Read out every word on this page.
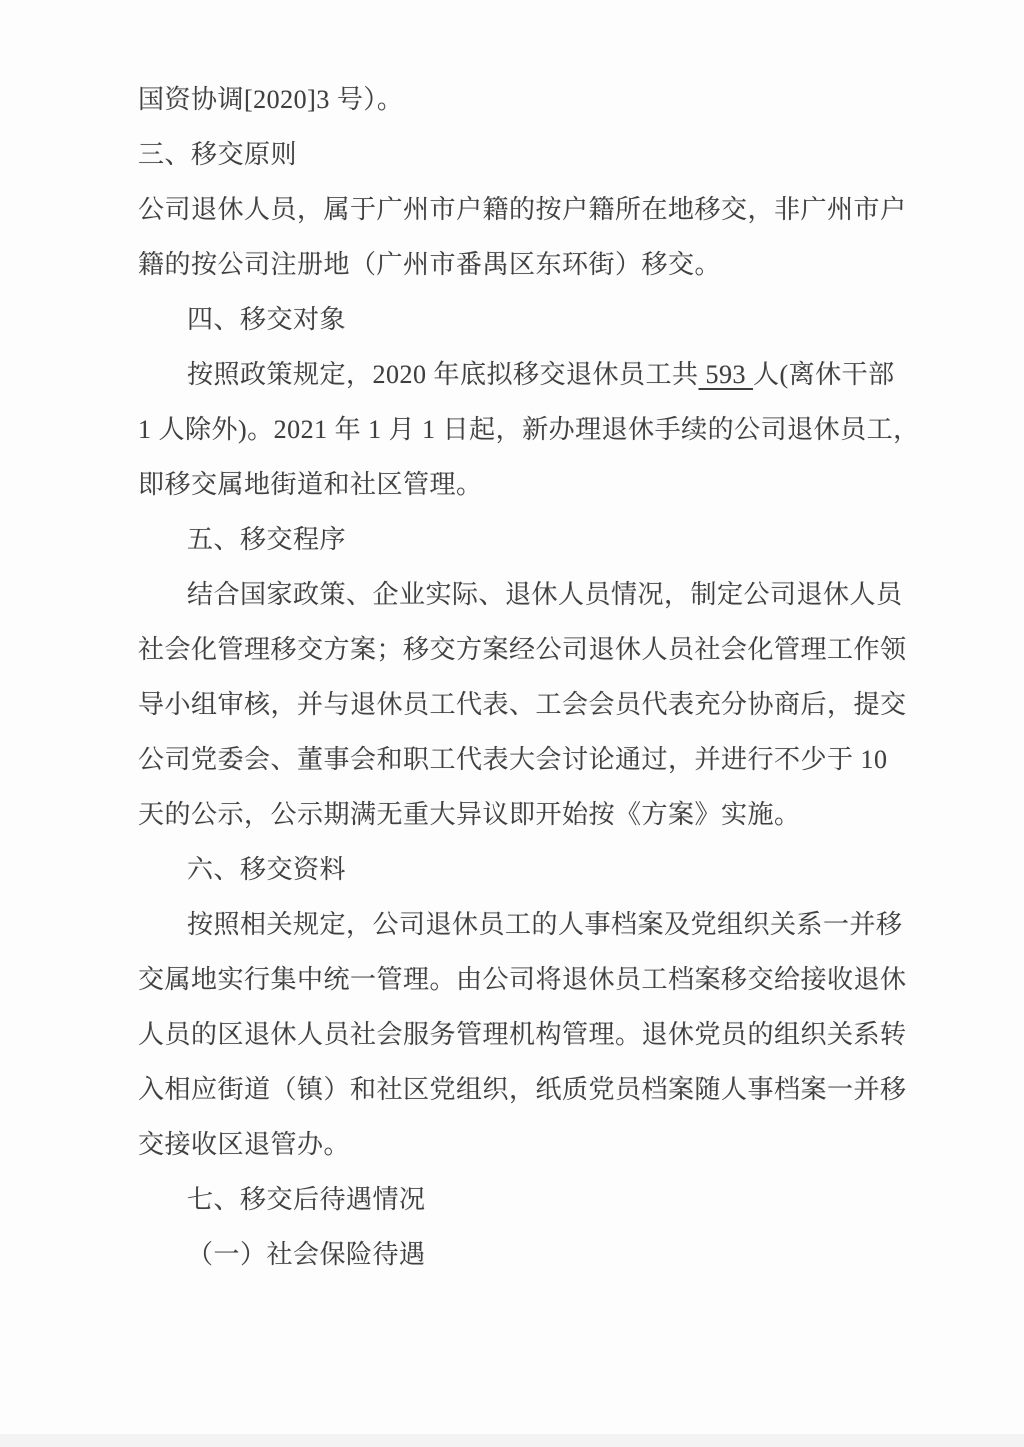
国资协调[2020]3 号）。
三、移交原则
公司退休人员，属于广州市户籍的按户籍所在地移交，非广州市户
籍的按公司注册地（广州市番禺区东环街）移交。
四、移交对象
按照政策规定，2020 年底拟移交退休员工共 593 人(离休干部
1 人除外)。2021 年 1 月 1 日起，新办理退休手续的公司退休员工，
即移交属地街道和社区管理。
五、移交程序
结合国家政策、企业实际、退休人员情况，制定公司退休人员
社会化管理移交方案；移交方案经公司退休人员社会化管理工作领
导小组审核，并与退休员工代表、工会会员代表充分协商后，提交
公司党委会、董事会和职工代表大会讨论通过，并进行不少于 10
天的公示，公示期满无重大异议即开始按《方案》实施。
六、移交资料
按照相关规定，公司退休员工的人事档案及党组织关系一并移
交属地实行集中统一管理。由公司将退休员工档案移交给接收退休
人员的区退休人员社会服务管理机构管理。退休党员的组织关系转
入相应街道（镇）和社区党组织，纸质党员档案随人事档案一并移
交接收区退管办。
七、移交后待遇情况
（一）社会保险待遇
